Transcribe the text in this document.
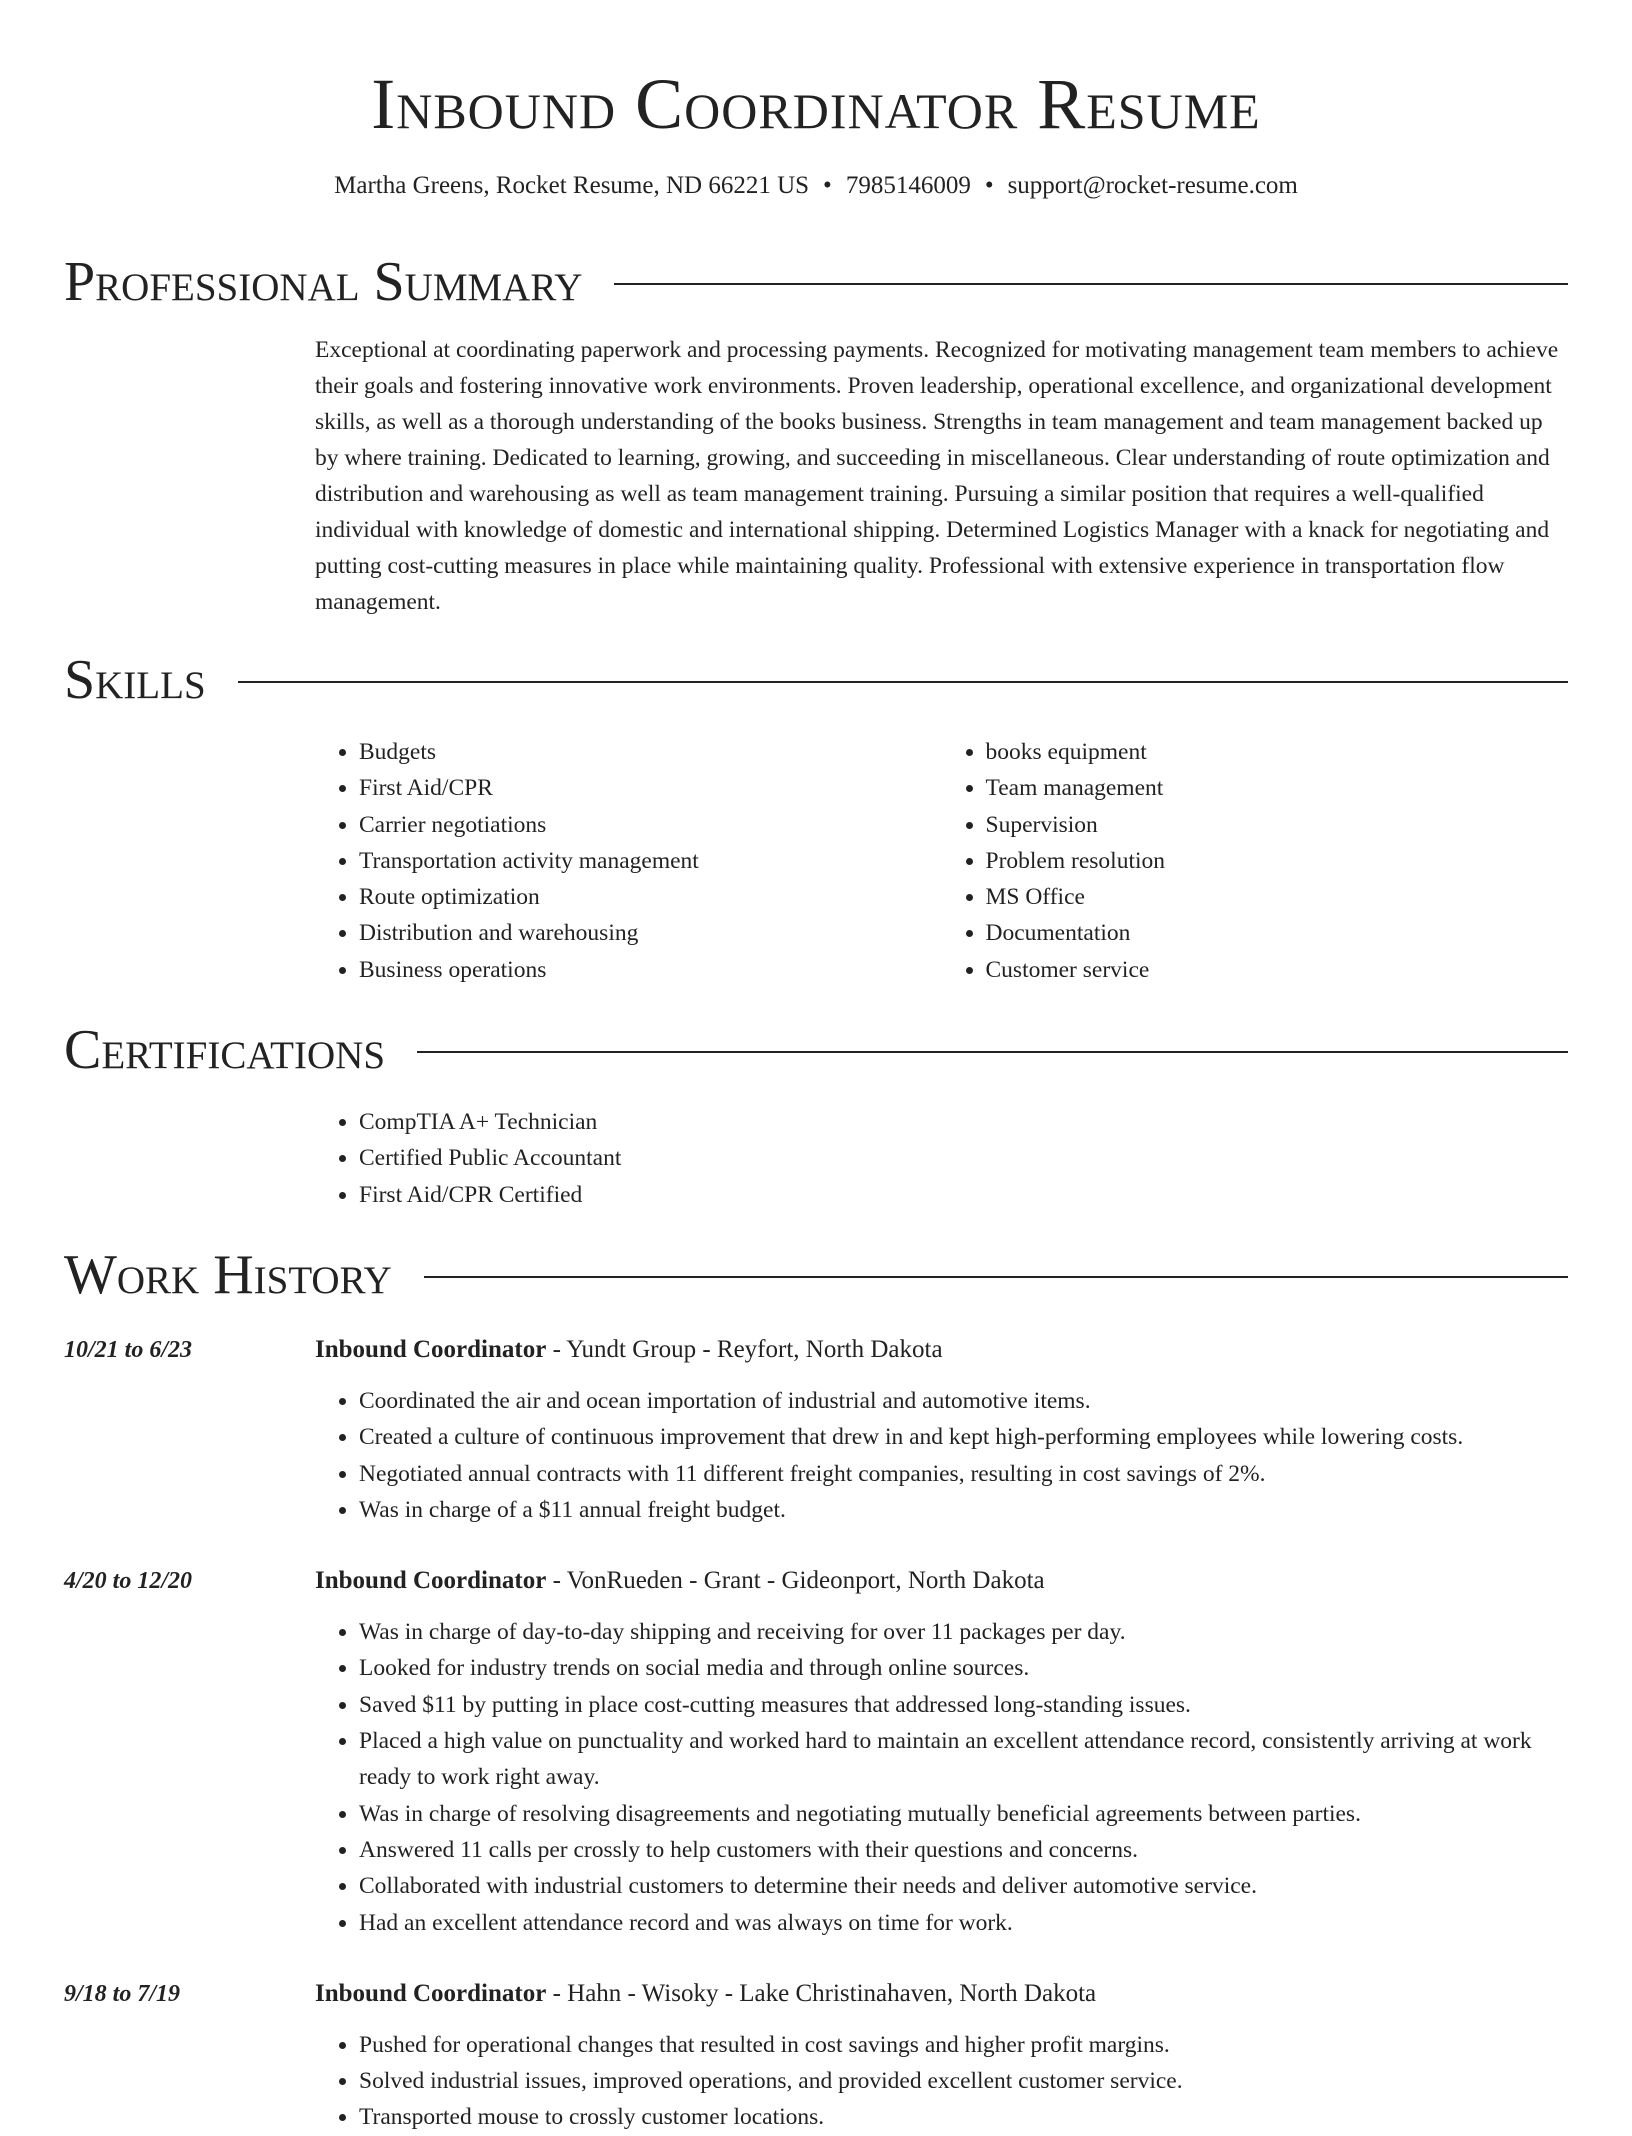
Inbound Coordinator Resume
Martha Greens, Rocket Resume, ND 66221 US • 7985146009 • support@rocket-resume.com
Professional Summary
Exceptional at coordinating paperwork and processing payments. Recognized for motivating management team members to achieve their goals and fostering innovative work environments. Proven leadership, operational excellence, and organizational development skills, as well as a thorough understanding of the books business. Strengths in team management and team management backed up by where training. Dedicated to learning, growing, and succeeding in miscellaneous. Clear understanding of route optimization and distribution and warehousing as well as team management training. Pursuing a similar position that requires a well-qualified individual with knowledge of domestic and international shipping. Determined Logistics Manager with a knack for negotiating and putting cost-cutting measures in place while maintaining quality. Professional with extensive experience in transportation flow management.
Skills
• Budgets
• First Aid/CPR
• Carrier negotiations
• Transportation activity management
• Route optimization
• Distribution and warehousing
• Business operations
• books equipment
• Team management
• Supervision
• Problem resolution
• MS Office
• Documentation
• Customer service
Certifications
• CompTIA A+ Technician
• Certified Public Accountant
• First Aid/CPR Certified
Work History
10/21 to 6/23	Inbound Coordinator - Yundt Group - Reyfort, North Dakota
• Coordinated the air and ocean importation of industrial and automotive items.
• Created a culture of continuous improvement that drew in and kept high-performing employees while lowering costs.
• Negotiated annual contracts with 11 different freight companies, resulting in cost savings of 2%.
• Was in charge of a $11 annual freight budget.
4/20 to 12/20	Inbound Coordinator - VonRueden - Grant - Gideonport, North Dakota
• Was in charge of day-to-day shipping and receiving for over 11 packages per day.
• Looked for industry trends on social media and through online sources.
• Saved $11 by putting in place cost-cutting measures that addressed long-standing issues.
• Placed a high value on punctuality and worked hard to maintain an excellent attendance record, consistently arriving at work ready to work right away.
• Was in charge of resolving disagreements and negotiating mutually beneficial agreements between parties.
• Answered 11 calls per crossly to help customers with their questions and concerns.
• Collaborated with industrial customers to determine their needs and deliver automotive service.
• Had an excellent attendance record and was always on time for work.
9/18 to 7/19	Inbound Coordinator - Hahn - Wisoky - Lake Christinahaven, North Dakota
• Pushed for operational changes that resulted in cost savings and higher profit margins.
• Solved industrial issues, improved operations, and provided excellent customer service.
• Transported mouse to crossly customer locations.
